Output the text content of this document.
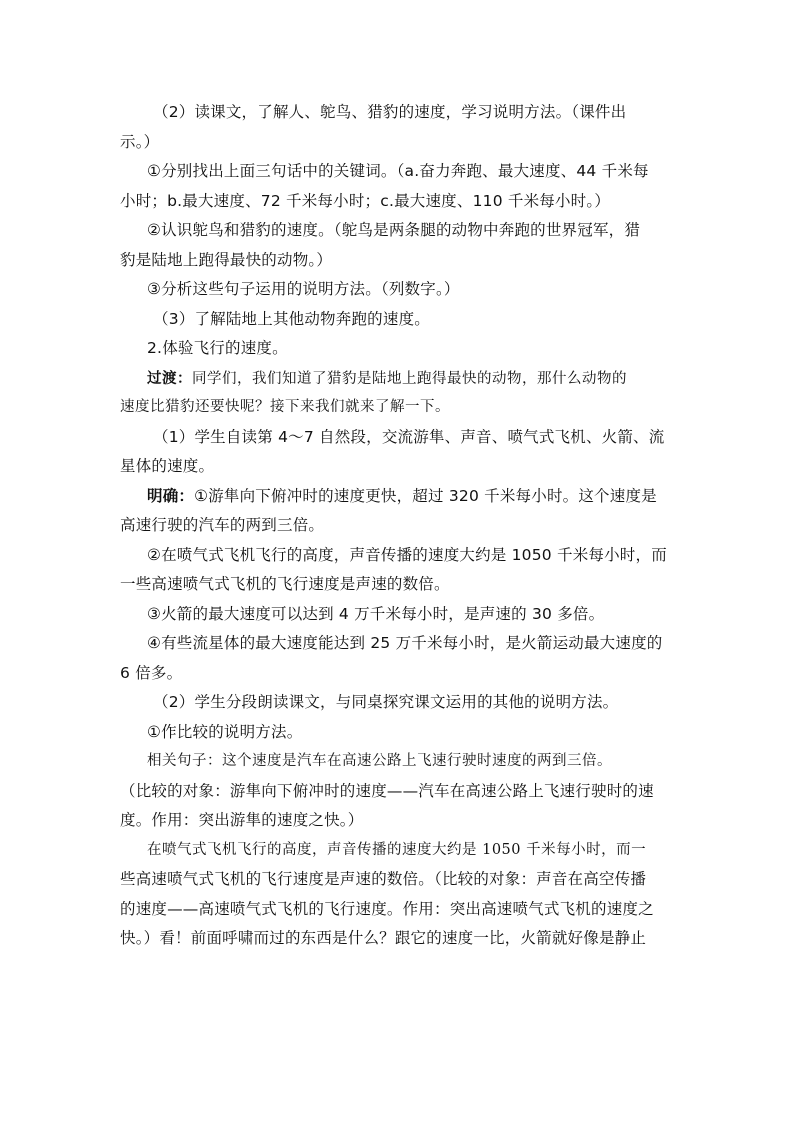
（2）读课文，了解人、鸵鸟、猎豹的速度，学习说明方法。（课件出
示。）
①分别找出上面三句话中的关键词。（a.奋力奔跑、最大速度、44 千米每
小时；b.最大速度、72 千米每小时；c.最大速度、110 千米每小时。）
②认识鸵鸟和猎豹的速度。（鸵鸟是两条腿的动物中奔跑的世界冠军，猎
豹是陆地上跑得最快的动物。）
③分析这些句子运用的说明方法。（列数字。）
（3）了解陆地上其他动物奔跑的速度。
2.体验飞行的速度。
过渡：同学们，我们知道了猎豹是陆地上跑得最快的动物，那什么动物的
速度比猎豹还要快呢？接下来我们就来了解一下。
（1）学生自读第 4～7 自然段，交流游隼、声音、喷气式飞机、火箭、流
星体的速度。
明确：①游隼向下俯冲时的速度更快，超过 320 千米每小时。这个速度是
高速行驶的汽车的两到三倍。
②在喷气式飞机飞行的高度，声音传播的速度大约是 1050 千米每小时，而
一些高速喷气式飞机的飞行速度是声速的数倍。
③火箭的最大速度可以达到 4 万千米每小时，是声速的 30 多倍。
④有些流星体的最大速度能达到 25 万千米每小时，是火箭运动最大速度的
6 倍多。
（2）学生分段朗读课文，与同桌探究课文运用的其他的说明方法。
①作比较的说明方法。
相关句子：这个速度是汽车在高速公路上飞速行驶时速度的两到三倍。
（比较的对象：游隼向下俯冲时的速度——汽车在高速公路上飞速行驶时的速
度。作用：突出游隼的速度之快。）
在喷气式飞机飞行的高度，声音传播的速度大约是 1050 千米每小时，而一
些高速喷气式飞机的飞行速度是声速的数倍。（比较的对象：声音在高空传播
的速度——高速喷气式飞机的飞行速度。作用：突出高速喷气式飞机的速度之
快。）看！前面呼啸而过的东西是什么？跟它的速度一比，火箭就好像是静止
